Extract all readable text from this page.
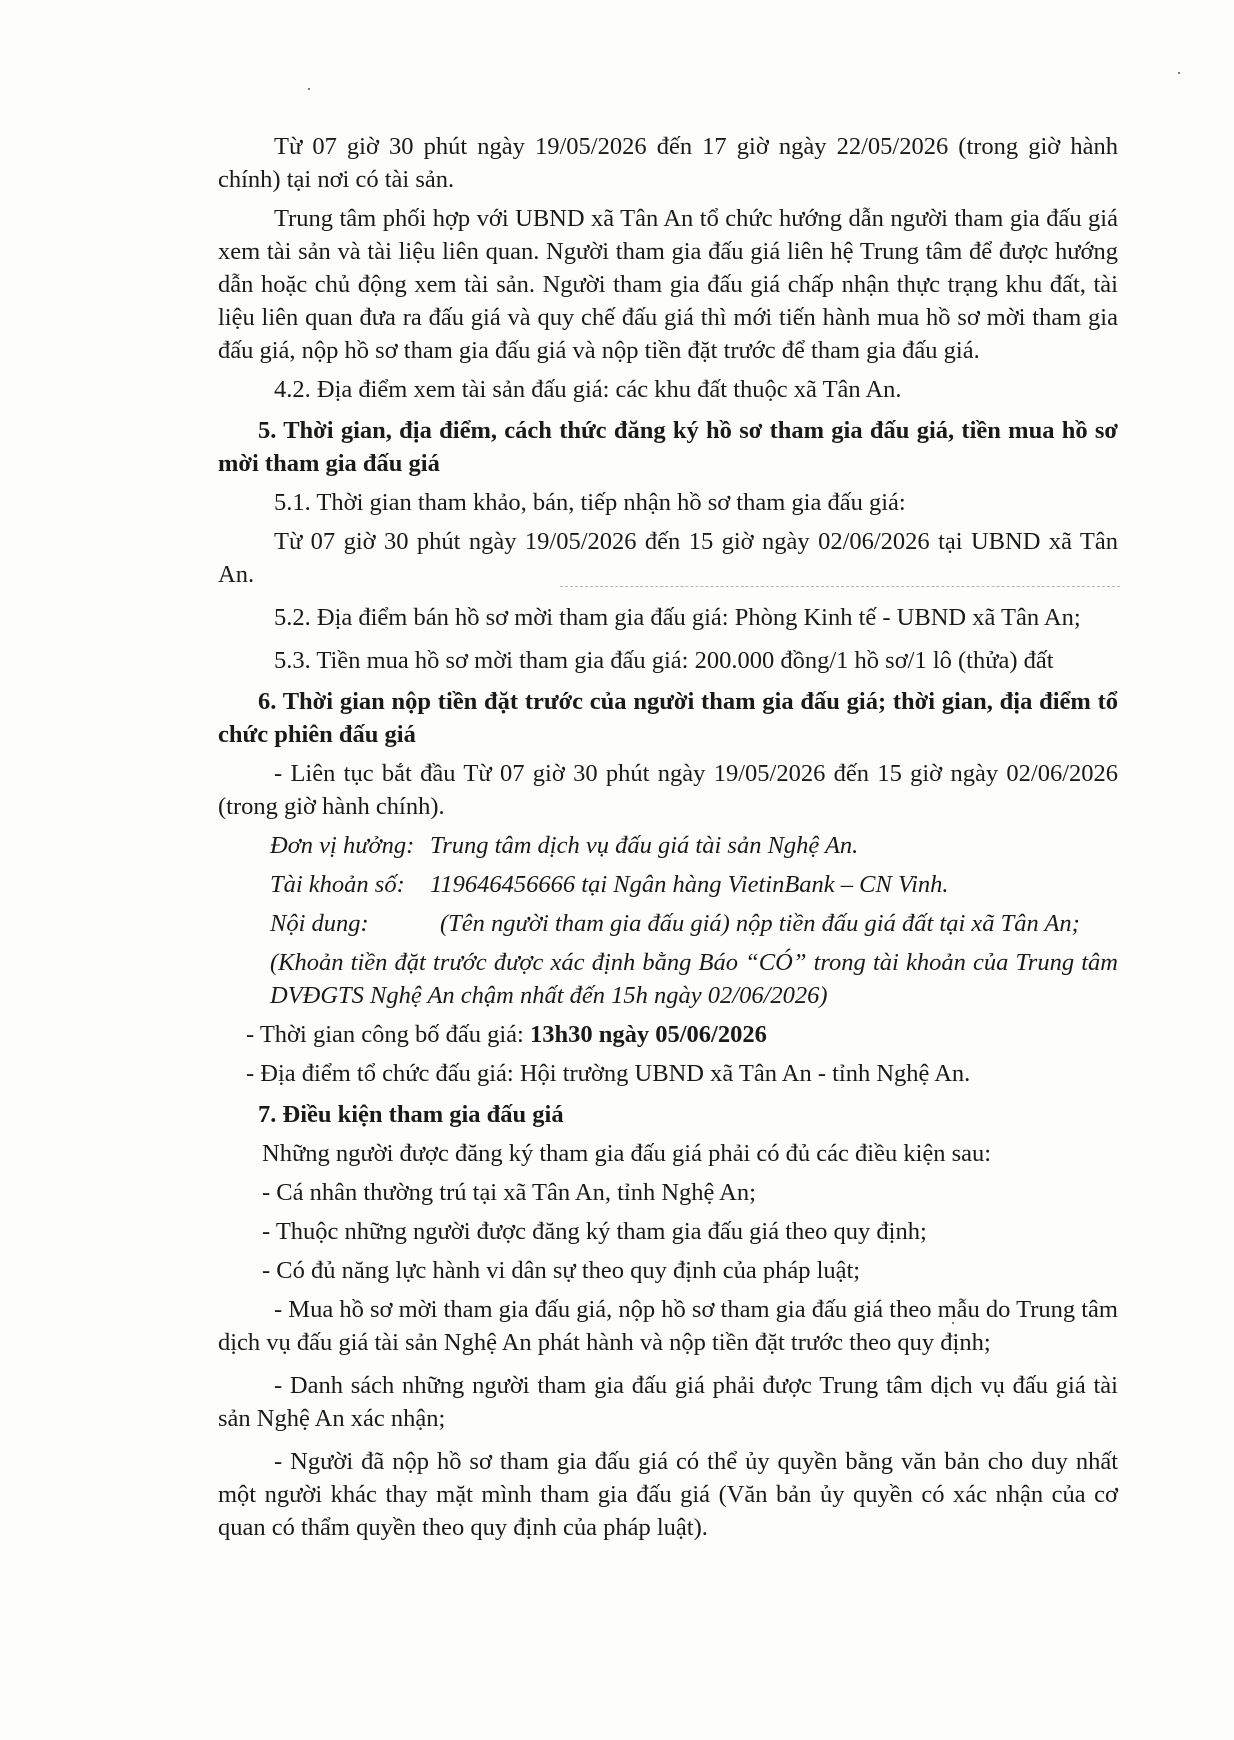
Từ 07 giờ 30 phút ngày 19/05/2026 đến 17 giờ ngày 22/05/2026 (trong giờ hành chính) tại nơi có tài sản.

Trung tâm phối hợp với UBND xã Tân An tổ chức hướng dẫn người tham gia đấu giá xem tài sản và tài liệu liên quan. Người tham gia đấu giá liên hệ Trung tâm để được hướng dẫn hoặc chủ động xem tài sản. Người tham gia đấu giá chấp nhận thực trạng khu đất, tài liệu liên quan đưa ra đấu giá và quy chế đấu giá thì mới tiến hành mua hồ sơ mời tham gia đấu giá, nộp hồ sơ tham gia đấu giá và nộp tiền đặt trước để tham gia đấu giá.

4.2. Địa điểm xem tài sản đấu giá: các khu đất thuộc xã Tân An.

5. Thời gian, địa điểm, cách thức đăng ký hồ sơ tham gia đấu giá, tiền mua hồ sơ mời tham gia đấu giá

5.1. Thời gian tham khảo, bán, tiếp nhận hồ sơ tham gia đấu giá:

Từ 07 giờ 30 phút ngày 19/05/2026 đến 15 giờ ngày 02/06/2026 tại UBND xã Tân An.

5.2. Địa điểm bán hồ sơ mời tham gia đấu giá: Phòng Kinh tế - UBND xã Tân An;

5.3. Tiền mua hồ sơ mời tham gia đấu giá: 200.000 đồng/1 hồ sơ/1 lô (thửa) đất

6. Thời gian nộp tiền đặt trước của người tham gia đấu giá; thời gian, địa điểm tổ chức phiên đấu giá

- Liên tục bắt đầu Từ 07 giờ 30 phút ngày 19/05/2026 đến 15 giờ ngày 02/06/2026 (trong giờ hành chính).

Đơn vị hưởng: Trung tâm dịch vụ đấu giá tài sản Nghệ An.
Tài khoản số:	119646456666 tại Ngân hàng VietinBank – CN Vinh.
Nội dung:	(Tên người tham gia đấu giá) nộp tiền đấu giá đất tại xã Tân An;

(Khoản tiền đặt trước được xác định bằng Báo “CÓ” trong tài khoản của Trung tâm DVĐGTS Nghệ An chậm nhất đến 15h ngày 02/06/2026)

- Thời gian công bố đấu giá: 13h30 ngày 05/06/2026

- Địa điểm tổ chức đấu giá: Hội trường UBND xã Tân An - tỉnh Nghệ An.

7. Điều kiện tham gia đấu giá

Những người được đăng ký tham gia đấu giá phải có đủ các điều kiện sau:

- Cá nhân thường trú tại xã Tân An, tỉnh Nghệ An;

- Thuộc những người được đăng ký tham gia đấu giá theo quy định;

- Có đủ năng lực hành vi dân sự theo quy định của pháp luật;

- Mua hồ sơ mời tham gia đấu giá, nộp hồ sơ tham gia đấu giá theo mẫu do Trung tâm dịch vụ đấu giá tài sản Nghệ An phát hành và nộp tiền đặt trước theo quy định;

- Danh sách những người tham gia đấu giá phải được Trung tâm dịch vụ đấu giá tài sản Nghệ An xác nhận;

- Người đã nộp hồ sơ tham gia đấu giá có thể ủy quyền bằng văn bản cho duy nhất một người khác thay mặt mình tham gia đấu giá (Văn bản ủy quyền có xác nhận của cơ quan có thẩm quyền theo quy định của pháp luật).
